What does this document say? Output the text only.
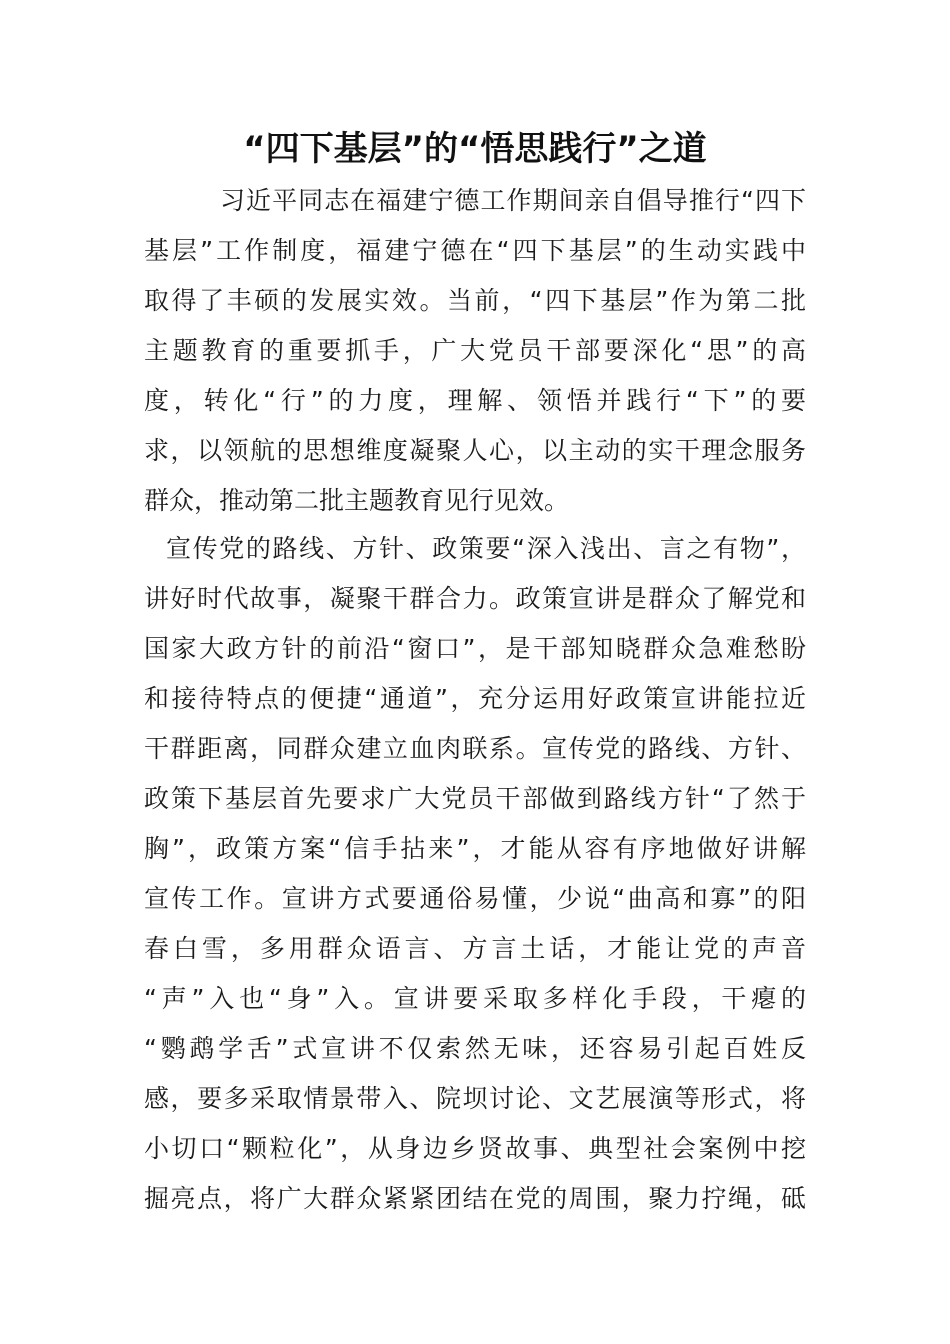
“四下基层”的“悟思践行”之道
习近平同志在福建宁德工作期间亲自倡导推行“四下
基层”工作制度，福建宁德在“四下基层”的生动实践中
取得了丰硕的发展实效。当前，“四下基层”作为第二批
主题教育的重要抓手，广大党员干部要深化“思”的高
度，转化“行”的力度，理解、领悟并践行“下”的要
求，以领航的思想维度凝聚人心，以主动的实干理念服务
群众，推动第二批主题教育见行见效。
宣传党的路线、方针、政策要“深入浅出、言之有物”，
讲好时代故事，凝聚干群合力。政策宣讲是群众了解党和
国家大政方针的前沿“窗口”，是干部知晓群众急难愁盼
和接待特点的便捷“通道”，充分运用好政策宣讲能拉近
干群距离，同群众建立血肉联系。宣传党的路线、方针、
政策下基层首先要求广大党员干部做到路线方针“了然于
胸”，政策方案“信手拈来”，才能从容有序地做好讲解
宣传工作。宣讲方式要通俗易懂，少说“曲高和寡”的阳
春白雪，多用群众语言、方言土话，才能让党的声音
“声”入也“身”入。宣讲要采取多样化手段，干瘪的
“鹦鹉学舌”式宣讲不仅索然无味，还容易引起百姓反
感，要多采取情景带入、院坝讨论、文艺展演等形式，将
小切口“颗粒化”，从身边乡贤故事、典型社会案例中挖
掘亮点，将广大群众紧紧团结在党的周围，聚力拧绳，砥
